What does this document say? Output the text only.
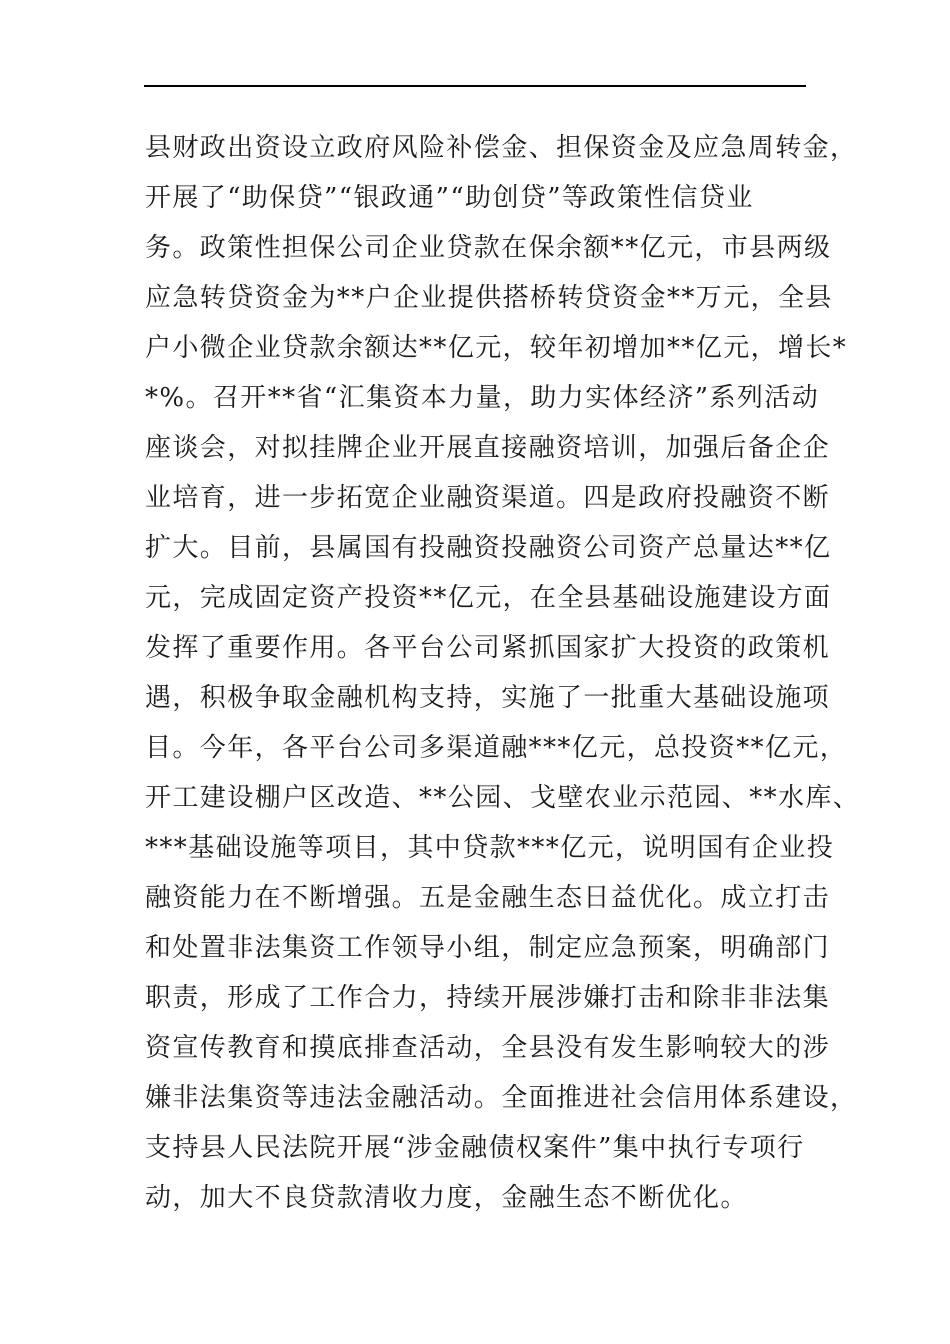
县财政出资设立政府风险补偿金、担保资金及应急周转金，
开展了“助保贷”“银政通”“助创贷”等政策性信贷业
务。政策性担保公司企业贷款在保余额**亿元，市县两级
应急转贷资金为**户企业提供搭桥转贷资金**万元，全县
户小微企业贷款余额达**亿元，较年初增加**亿元，增长*
*%。召开**省“汇集资本力量，助力实体经济”系列活动
座谈会，对拟挂牌企业开展直接融资培训，加强后备企企
业培育，进一步拓宽企业融资渠道。四是政府投融资不断
扩大。目前，县属国有投融资投融资公司资产总量达**亿
元，完成固定资产投资**亿元，在全县基础设施建设方面
发挥了重要作用。各平台公司紧抓国家扩大投资的政策机
遇，积极争取金融机构支持，实施了一批重大基础设施项
目。今年，各平台公司多渠道融***亿元，总投资**亿元，
开工建设棚户区改造、**公园、戈壁农业示范园、**水库、
***基础设施等项目，其中贷款***亿元，说明国有企业投
融资能力在不断增强。五是金融生态日益优化。成立打击
和处置非法集资工作领导小组，制定应急预案，明确部门
职责，形成了工作合力，持续开展涉嫌打击和除非非法集
资宣传教育和摸底排查活动，全县没有发生影响较大的涉
嫌非法集资等违法金融活动。全面推进社会信用体系建设，
支持县人民法院开展“涉金融债权案件”集中执行专项行
动，加大不良贷款清收力度，金融生态不断优化。
